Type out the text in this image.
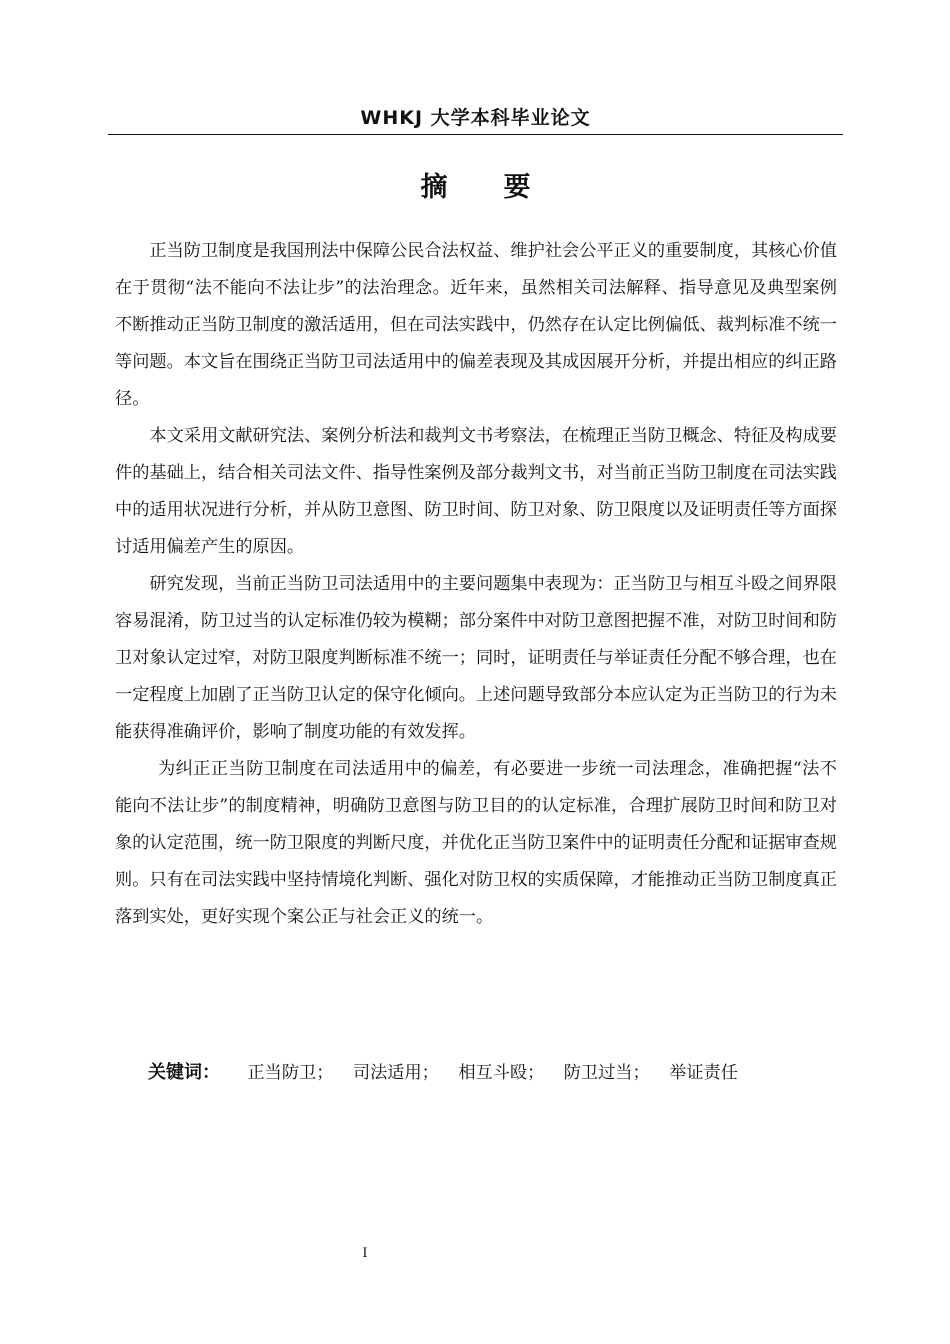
WHKJ 大学本科毕业论文
摘要

正当防卫制度是我国刑法中保障公民合法权益、维护社会公平正义的重要制度，其核心价值在于贯彻“法不能向不法让步”的法治理念。近年来，虽然相关司法解释、指导意见及典型案例不断推动正当防卫制度的激活适用，但在司法实践中，仍然存在认定比例偏低、裁判标准不统一等问题。本文旨在围绕正当防卫司法适用中的偏差表现及其成因展开分析，并提出相应的纠正路径。

本文采用文献研究法、案例分析法和裁判文书考察法，在梳理正当防卫概念、特征及构成要件的基础上，结合相关司法文件、指导性案例及部分裁判文书，对当前正当防卫制度在司法实践中的适用状况进行分析，并从防卫意图、防卫时间、防卫对象、防卫限度以及证明责任等方面探讨适用偏差产生的原因。

研究发现，当前正当防卫司法适用中的主要问题集中表现为：正当防卫与相互斗殴之间界限容易混淆，防卫过当的认定标准仍较为模糊；部分案件中对防卫意图把握不准，对防卫时间和防卫对象认定过窄，对防卫限度判断标准不统一；同时，证明责任与举证责任分配不够合理，也在一定程度上加剧了正当防卫认定的保守化倾向。上述问题导致部分本应认定为正当防卫的行为未能获得准确评价，影响了制度功能的有效发挥。

为纠正正当防卫制度在司法适用中的偏差，有必要进一步统一司法理念，准确把握“法不能向不法让步”的制度精神，明确防卫意图与防卫目的的认定标准，合理扩展防卫时间和防卫对象的认定范围，统一防卫限度的判断尺度，并优化正当防卫案件中的证明责任分配和证据审查规则。只有在司法实践中坚持情境化判断、强化对防卫权的实质保障，才能推动正当防卫制度真正落到实处，更好实现个案公正与社会正义的统一。

关键词： 正当防卫； 司法适用； 相互斗殴； 防卫过当； 举证责任
I
